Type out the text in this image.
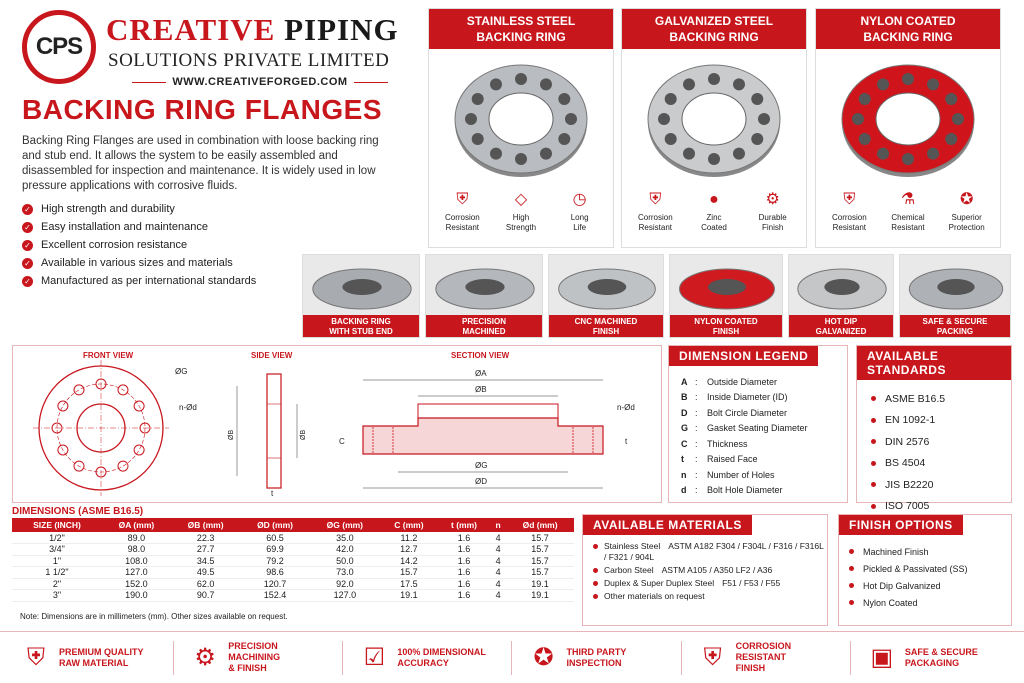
CPS CREATIVE PIPING
SOLUTIONS PRIVATE LIMITED
WWW.CREATIVEFORGED.COM
BACKING RING FLANGES
Backing Ring Flanges are used in combination with loose backing ring and stub end. It allows the system to be easily assembled and disassembled for inspection and maintenance. It is widely used in low pressure applications with corrosive fluids.
✓ High strength and durability
✓ Easy installation and maintenance
✓ Excellent corrosion resistance
✓ Available in various sizes and materials
✓ Manufactured as per international standards
STAINLESS STEEL
BACKING RING
⛨
Corrosion
Resistant
◇
High
Strength
◷
Long
Life
GALVANIZED STEEL
BACKING RING
⛨
Corrosion
Resistant
●
Zinc
Coated
⚙
Durable
Finish
NYLON COATED
BACKING RING
⛨
Corrosion
Resistant
⚗
Chemical
Resistant
✪
Superior
Protection
BACKING RING
WITH STUB END
PRECISION
MACHINED
CNC MACHINED
FINISH
NYLON COATED
FINISH
HOT DIP
GALVANIZED
SAFE & SECURE
PACKING
FRONT VIEW	SIDE VIEW	SECTION VIEW
ØG
n-Ød
ØB	ØB
t
ØA
ØB
ØG
ØD
C	t
n-Ød
DIMENSION LEGEND
A :	Outside Diameter
B :	Inside Diameter (ID)
D :	Bolt Circle Diameter
G :	Gasket Seating Diameter
C :	Thickness
t	:	Raised Face
n :	Number of Holes
d :	Bolt Hole Diameter
AVAILABLE STANDARDS
ASME B16.5
EN 1092-1
DIN 2576
BS 4504
JIS B2220
ISO 7005
DIMENSIONS (ASME B16.5)
SIZE (INCH)	ØA (mm)	ØB (mm)	ØD (mm)	ØG (mm)	C (mm)	t (mm)	n	Ød (mm)
1/2"	89.0	22.3	60.5	35.0	11.2	1.6	4	15.7
3/4"	98.0	27.7	69.9	42.0	12.7	1.6	4	15.7
1"	108.0	34.5	79.2	50.0	14.2	1.6	4	15.7
1 1/2"	127.0	49.5	98.6	73.0	15.7	1.6	4	15.7
2"	152.0	62.0	120.7	92.0	17.5	1.6	4	19.1
3"	190.0	90.7	152.4	127.0	19.1	1.6	4	19.1
Note: Dimensions are in millimeters (mm). Other sizes available on request.
AVAILABLE MATERIALS
Stainless Steel ASTM A182 F304 / F304L / F316 / F316L / F321 / 904L
Carbon Steel ASTM A105 / A350 LF2 / A36
Duplex & Super Duplex Steel F51 / F53 / F55
Other materials on request
FINISH OPTIONS
Machined Finish
Pickled & Passivated (SS)
Hot Dip Galvanized
Nylon Coated
⛨	PREMIUM QUALITY
RAW MATERIAL	⚙	PRECISION MACHINING
& FINISH	☑	100% DIMENSIONAL
ACCURACY	✪	THIRD PARTY
INSPECTION	⛨	CORROSION RESISTANT
FINISH	▣	SAFE & SECURE
PACKAGING
